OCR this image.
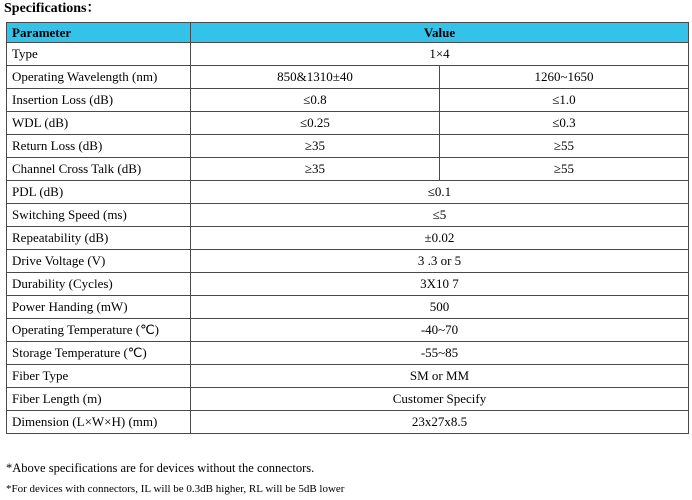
Specifications：
Parameter	Value	
Type	1×4	
Operating Wavelength (nm)	850&1310±40	1260~1650
Insertion Loss (dB)	≤0.8	≤1.0
WDL (dB)	≤0.25	≤0.3
Return Loss (dB)	≥35	≥55
Channel Cross Talk (dB)	≥35	≥55
PDL (dB)	≤0.1	
Switching Speed (ms)	≤5	
Repeatability (dB)	±0.02	
Drive Voltage (V)	3 .3 or 5	
Durability (Cycles)	3X10 7	
Power Handing (mW)	500	
Operating Temperature (℃)	-40~70	
Storage Temperature (℃)	-55~85	
Fiber Type	SM or MM	
Fiber Length (m)	Customer Specify	
Dimension (L×W×H) (mm)	23x27x8.5	
*Above specifications are for devices without the connectors.
*For devices with connectors, IL will be 0.3dB higher, RL will be 5dB lower
